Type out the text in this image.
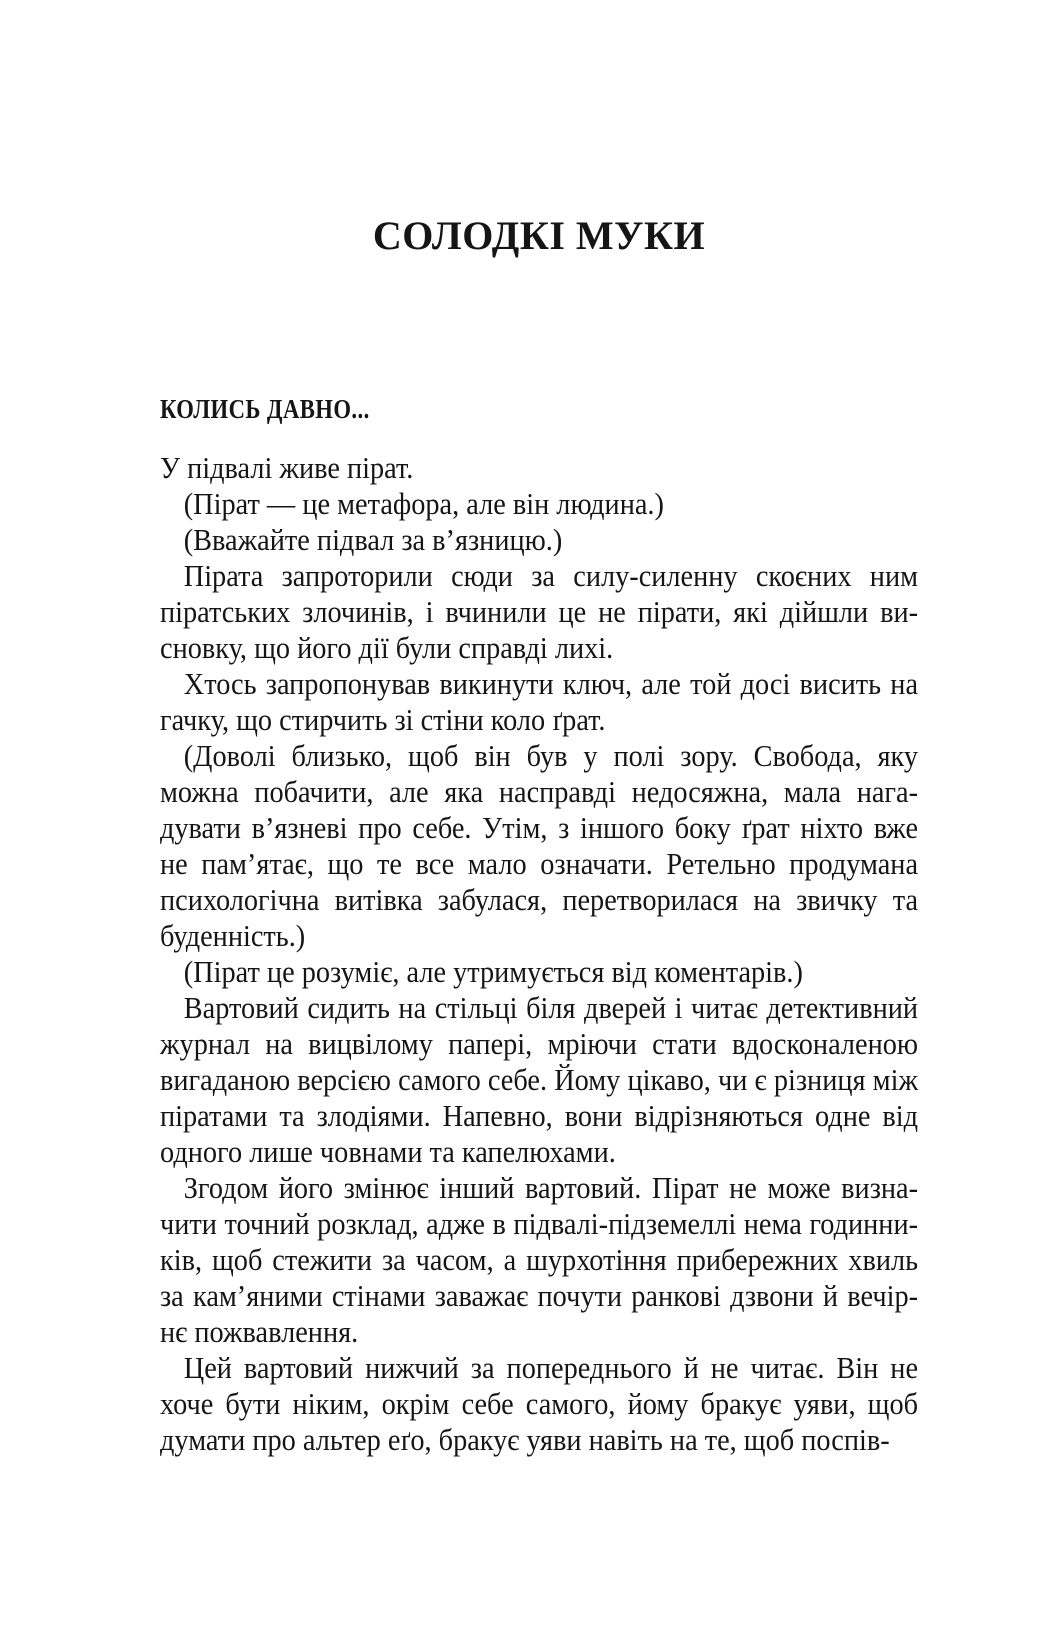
СОЛОДКІ МУКИ
КОЛИСЬ ДАВНО...
У підвалі живе пірат.
(Пірат — це метафора, але він людина.)
(Вважайте підвал за в’язницю.)
Пірата запроторили сюди за силу-силенну скоєних ним
піратських злочинів, і вчинили це не пірати, які дійшли ви-
сновку, що його дії були справді лихі.
Хтось запропонував викинути ключ, але той досі висить на
гачку, що стирчить зі стіни коло ґрат.
(Доволі близько, щоб він був у полі зору. Свобода, яку
можна побачити, але яка насправді недосяжна, мала нага-
дувати в’язневі про себе. Утім, з іншого боку ґрат ніхто вже
не пам’ятає, що те все мало означати. Ретельно продумана
психологічна витівка забулася, перетворилася на звичку та
буденність.)
(Пірат це розуміє, але утримується від коментарів.)
Вартовий сидить на стільці біля дверей і читає детективний
журнал на вицвілому папері, мріючи стати вдосконаленою
вигаданою версією самого себе. Йому цікаво, чи є різниця між
піратами та злодіями. Напевно, вони відрізняються одне від
одного лише човнами та капелюхами.
Згодом його змінює інший вартовий. Пірат не може визна-
чити точний розклад, адже в підвалі-підземеллі нема годинни-
ків, щоб стежити за часом, а шурхотіння прибережних хвиль
за кам’яними стінами заважає почути ранкові дзвони й вечір-
нє пожвавлення.
Цей вартовий нижчий за попереднього й не читає. Він не
хоче бути ніким, окрім себе самого, йому бракує уяви, щоб
думати про альтер еґо, бракує уяви навіть на те, щоб поспів-
